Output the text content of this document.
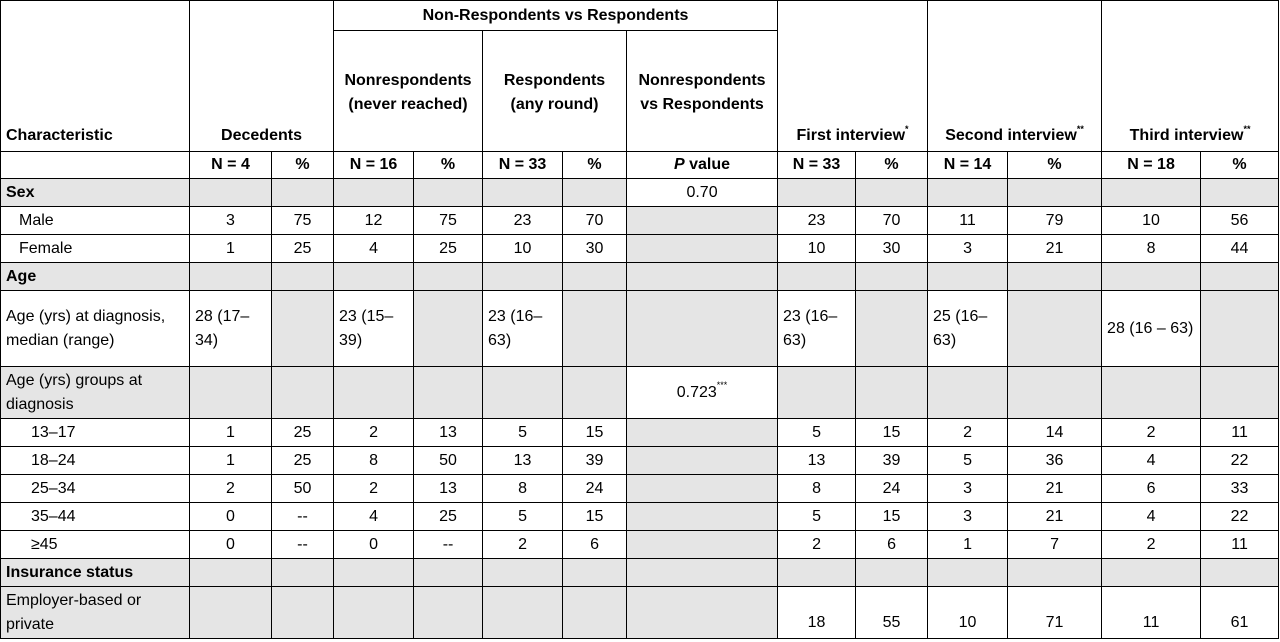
Characteristic	Decedents		Non-Respondents vs Respondents					First interview*		Second interview**		Third interview**
			Nonrespondents (never reached)		Respondents (any round)		Nonrespondents vs Respondents						
	N = 4	%	N = 16	%	N = 33	%	P value	N = 33	%	N = 14	%	N = 18	%
Sex							0.70						
Male	3	75	12	75	23	70		23	70	11	79	10	56
Female	1	25	4	25	10	30		10	30	3	21	8	44
Age													
Age (yrs) at diagnosis, median (range)	28 (17–34)		23 (15–39)		23 (16–63)			23 (16–63)		25 (16–63)		28 (16 – 63)	
Age (yrs) groups at diagnosis							0.723***						
13–17	1	25	2	13	5	15		5	15	2	14	2	11
18–24	1	25	8	50	13	39		13	39	5	36	4	22
25–34	2	50	2	13	8	24		8	24	3	21	6	33
35–44	0	--	4	25	5	15		5	15	3	21	4	22
≥45	0	--	0	--	2	6		2	6	1	7	2	11
Insurance status													
Employer-based or private								18	55	10	71	11	61
